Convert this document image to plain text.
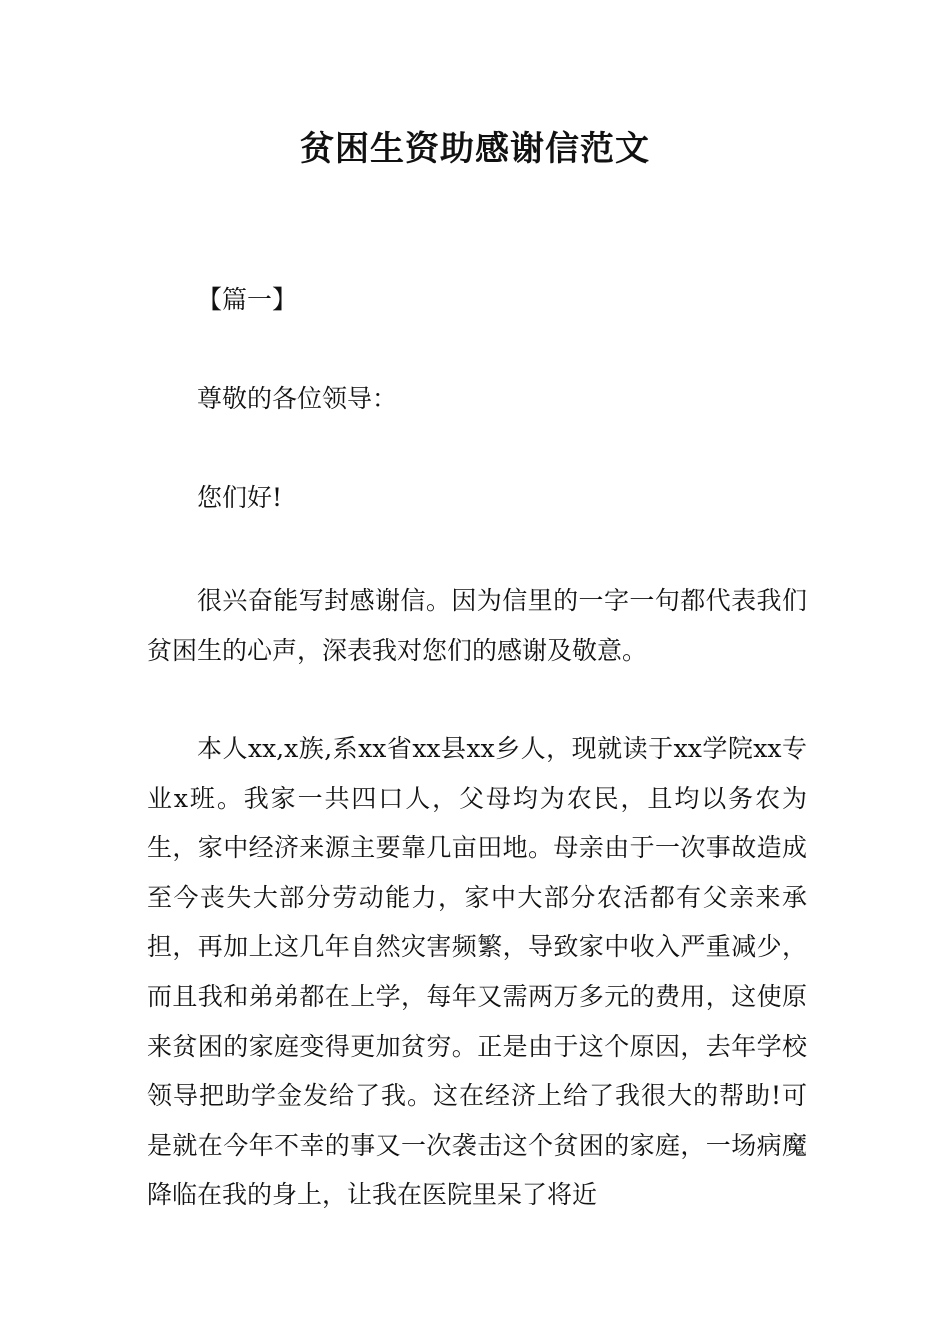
贫困生资助感谢信范文
【篇一】
尊敬的各位领导：
您们好!
很兴奋能写封感谢信。因为信里的一字一句都代表我们贫困生的心声，深表我对您们的感谢及敬意。
本人xx,x族,系xx省xx县xx乡人，现就读于xx学院xx专业x班。我家一共四口人，父母均为农民，且均以务农为生，家中经济来源主要靠几亩田地。母亲由于一次事故造成至今丧失大部分劳动能力，家中大部分农活都有父亲来承担，再加上这几年自然灾害频繁，导致家中收入严重减少，而且我和弟弟都在上学，每年又需两万多元的费用，这使原来贫困的家庭变得更加贫穷。正是由于这个原因，去年学校领导把助学金发给了我。这在经济上给了我很大的帮助!可是就在今年不幸的事又一次袭击这个贫困的家庭，一场病魔降临在我的身上，让我在医院里呆了将近
